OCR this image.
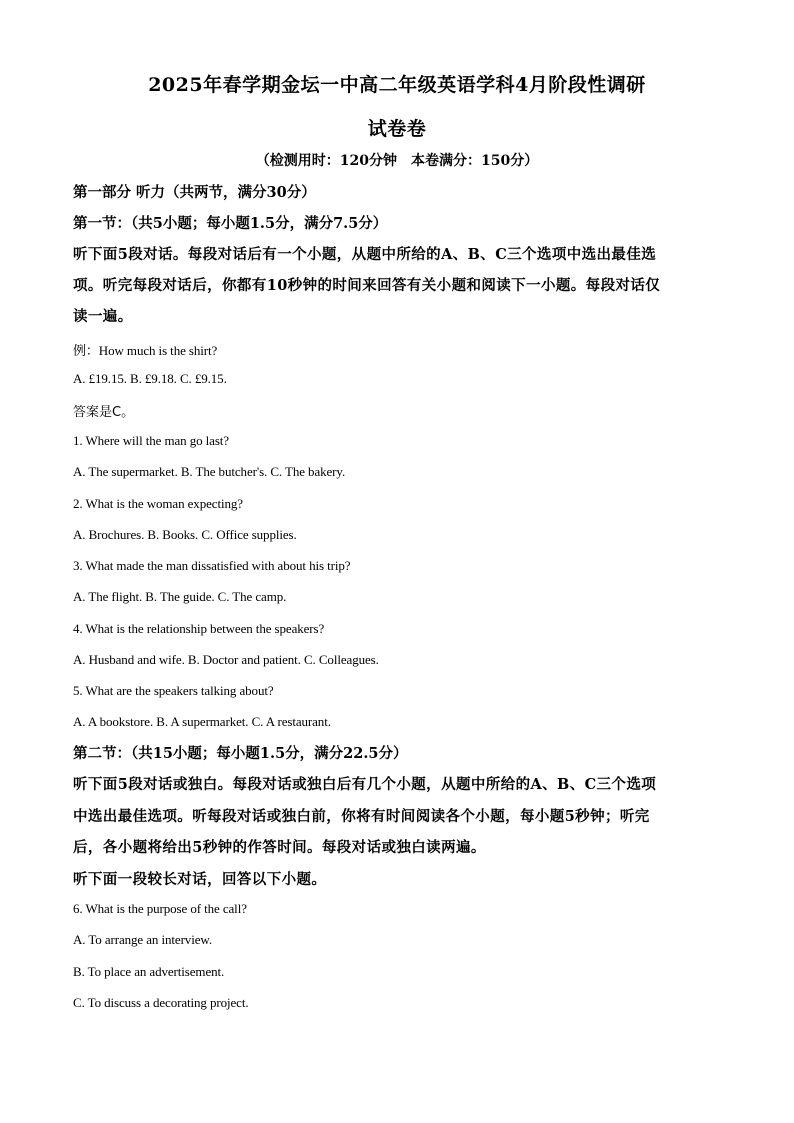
2025年春学期金坛一中高二年级英语学科4月阶段性调研
试卷卷
（检测用时：120分钟　本卷满分：150分）
第一部分 听力（共两节，满分30分）
第一节：（共5小题；每小题1.5分，满分7.5分）
听下面5段对话。每段对话后有一个小题，从题中所给的A、B、C三个选项中选出最佳选
项。听完每段对话后，你都有10秒钟的时间来回答有关小题和阅读下一小题。每段对话仅
读一遍。
例：How much is the shirt?
A. £19.15. B. £9.18. C. £9.15.
答案是C。
1. Where will the man go last?
A. The supermarket. B. The butcher's. C. The bakery.
2. What is the woman expecting?
A. Brochures. B. Books. C. Office supplies.
3. What made the man dissatisfied with about his trip?
A. The flight. B. The guide. C. The camp.
4. What is the relationship between the speakers?
A. Husband and wife. B. Doctor and patient. C. Colleagues.
5. What are the speakers talking about?
A. A bookstore. B. A supermarket. C. A restaurant.
第二节：（共15小题；每小题1.5分，满分22.5分）
听下面5段对话或独白。每段对话或独白后有几个小题，从题中所给的A、B、C三个选项
中选出最佳选项。听每段对话或独白前，你将有时间阅读各个小题，每小题5秒钟；听完
后，各小题将给出5秒钟的作答时间。每段对话或独白读两遍。
听下面一段较长对话，回答以下小题。
6. What is the purpose of the call?
A. To arrange an interview.
B. To place an advertisement.
C. To discuss a decorating project.
